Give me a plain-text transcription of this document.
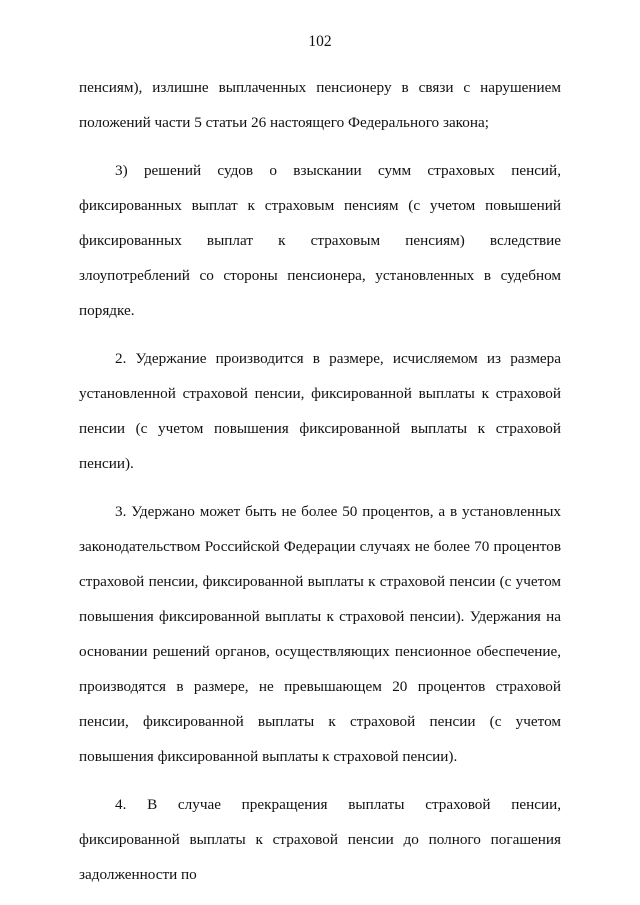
102

пенсиям), излишне выплаченных пенсионеру в связи с нарушением положений части 5 статьи 26 настоящего Федерального закона;

3) решений судов о взыскании сумм страховых пенсий, фиксированных выплат к страховым пенсиям (с учетом повышений фиксированных выплат к страховым пенсиям) вследствие злоупотреблений со стороны пенсионера, установленных в судебном порядке.

2. Удержание производится в размере, исчисляемом из размера установленной страховой пенсии, фиксированной выплаты к страховой пенсии (с учетом повышения фиксированной выплаты к страховой пенсии).

3. Удержано может быть не более 50 процентов, а в установленных законодательством Российской Федерации случаях не более 70 процентов страховой пенсии, фиксированной выплаты к страховой пенсии (с учетом повышения фиксированной выплаты к страховой пенсии). Удержания на основании решений органов, осуществляющих пенсионное обеспечение, производятся в размере, не превышающем 20 процентов страховой пенсии, фиксированной выплаты к страховой пенсии (с учетом повышения фиксированной выплаты к страховой пенсии).

4. В случае прекращения выплаты страховой пенсии, фиксированной выплаты к страховой пенсии до полного погашения задолженности по
